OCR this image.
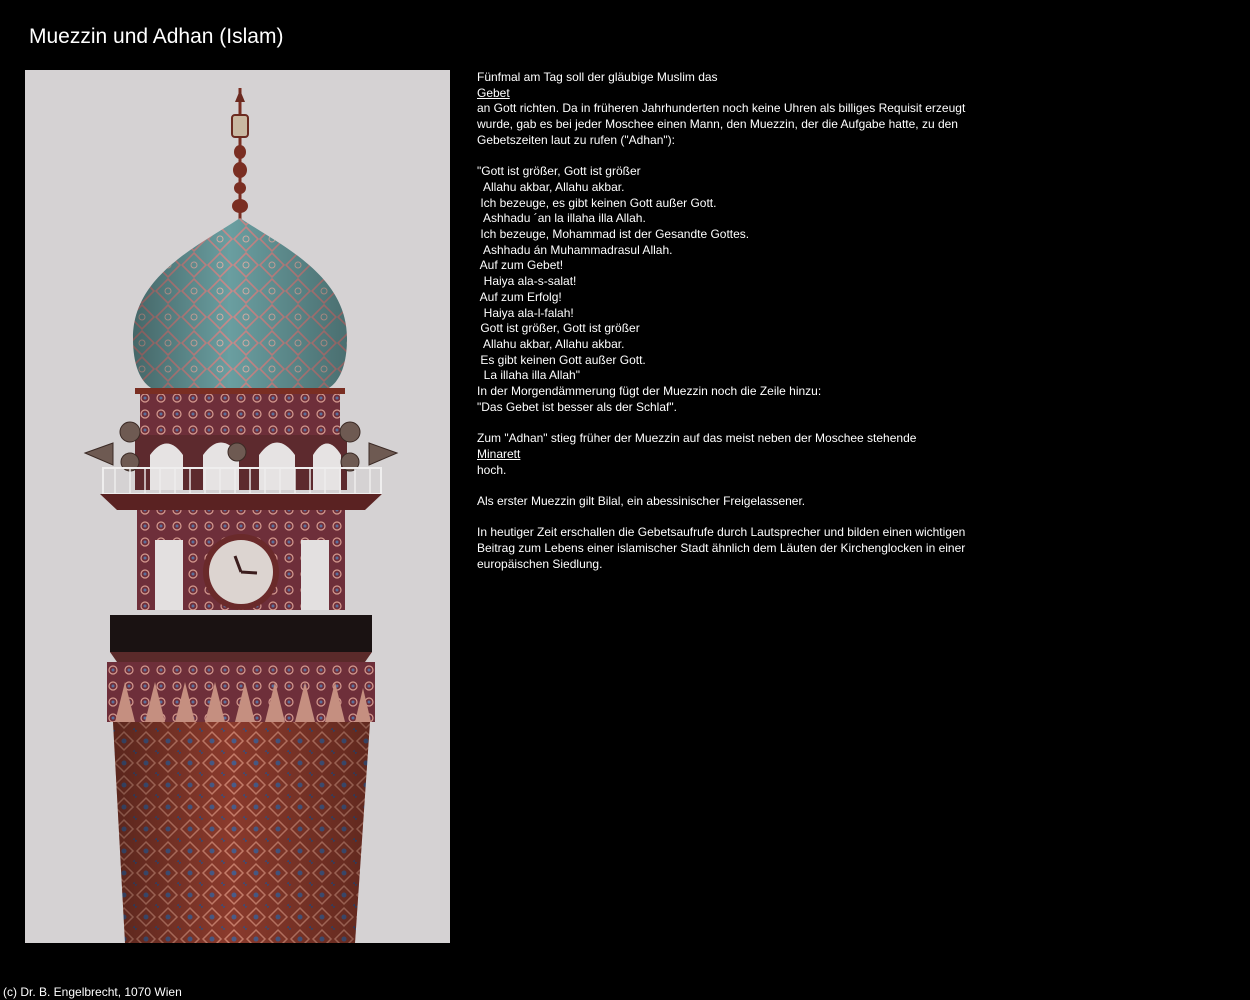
Muezzin und Adhan (Islam)
Fünfmal am Tag soll der gläubige Muslim das
Gebet
an Gott richten. Da in früheren Jahrhunderten noch keine Uhren als billiges Requisit erzeugt
wurde, gab es bei jeder Moschee einen Mann, den Muezzin, der die Aufgabe hatte, zu den
Gebetszeiten laut zu rufen ("Adhan"):
"Gott ist größer, Gott ist größer
Allahu akbar, Allahu akbar.
Ich bezeuge, es gibt keinen Gott außer Gott.
Ashhadu ´an la illaha illa Allah.
Ich bezeuge, Mohammad ist der Gesandte Gottes.
Ashhadu án Muhammadrasul Allah.
Auf zum Gebet!
Haiya ala-s-salat!
Auf zum Erfolg!
Haiya ala-l-falah!
Gott ist größer, Gott ist größer
Allahu akbar, Allahu akbar.
Es gibt keinen Gott außer Gott.
La illaha illa Allah"
In der Morgendämmerung fügt der Muezzin noch die Zeile hinzu:
"Das Gebet ist besser als der Schlaf".
Zum "Adhan" stieg früher der Muezzin auf das meist neben der Moschee stehende
Minarett
hoch.
Als erster Muezzin gilt Bilal, ein abessinischer Freigelassener.
In heutiger Zeit erschallen die Gebetsaufrufe durch Lautsprecher und bilden einen wichtigen
Beitrag zum Lebens einer islamischer Stadt ähnlich dem Läuten der Kirchenglocken in einer
europäischen Siedlung.
(c) Dr. B. Engelbrecht, 1070 Wien
